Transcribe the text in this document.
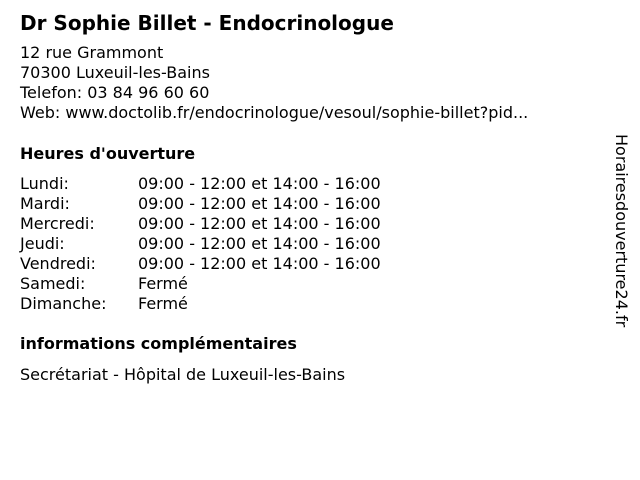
Dr Sophie Billet - Endocrinologue
12 rue Grammont
70300 Luxeuil-les-Bains
Telefon: 03 84 96 60 60
Web: www.doctolib.fr/endocrinologue/vesoul/sophie-billet?pid...
Heures d'ouverture
Lundi:	09:00 - 12:00 et 14:00 - 16:00
Mardi:	09:00 - 12:00 et 14:00 - 16:00
Mercredi:	09:00 - 12:00 et 14:00 - 16:00
Jeudi:	09:00 - 12:00 et 14:00 - 16:00
Vendredi:	09:00 - 12:00 et 14:00 - 16:00
Samedi:	Fermé
Dimanche:	Fermé
informations complémentaires
Secrétariat - Hôpital de Luxeuil-les-Bains
Horairesdouverture24.fr
